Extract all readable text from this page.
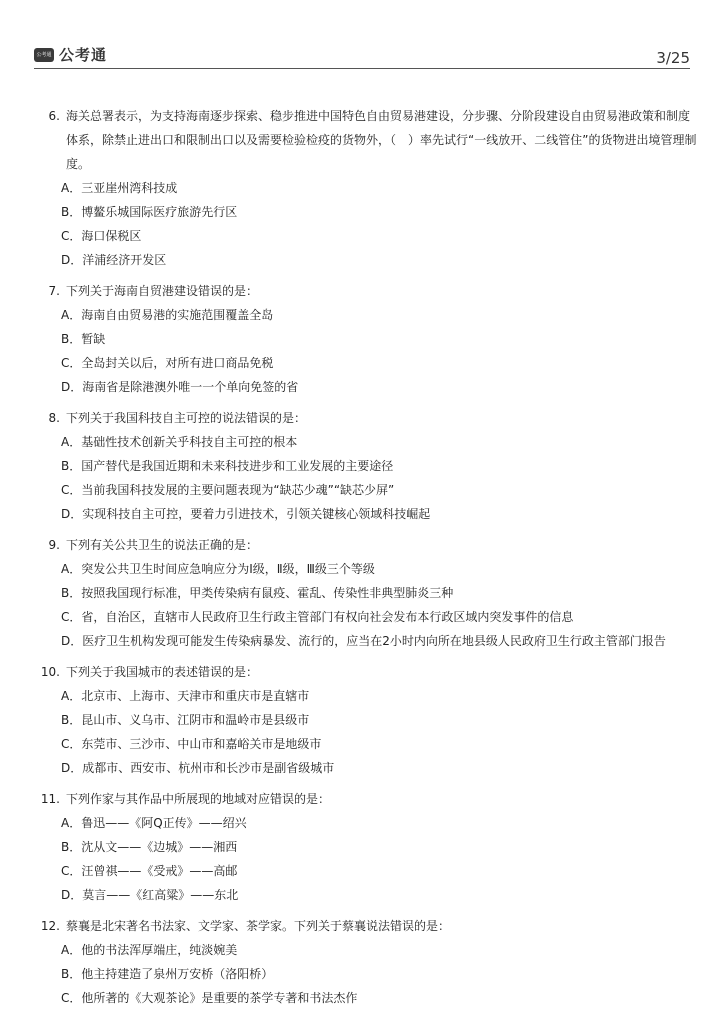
公考通 公考通	3/25
6. 海关总署表示，为支持海南逐步探索、稳步推进中国特色自由贸易港建设，分步骤、分阶段建设自由贸易港政策和制度体系，除禁止进出口和限制出口以及需要检验检疫的货物外，（　）率先试行“一线放开、二线管住”的货物进出境管理制度。
A．三亚崖州湾科技成
B．博鳌乐城国际医疗旅游先行区
C．海口保税区
D．洋浦经济开发区
7. 下列关于海南自贸港建设错误的是：
A．海南自由贸易港的实施范围覆盖全岛
B．暂缺
C．全岛封关以后，对所有进口商品免税
D．海南省是除港澳外唯一一个单向免签的省
8. 下列关于我国科技自主可控的说法错误的是：
A．基础性技术创新关乎科技自主可控的根本
B．国产替代是我国近期和未来科技进步和工业发展的主要途径
C．当前我国科技发展的主要问题表现为“缺芯少魂”“缺芯少屏”
D．实现科技自主可控，要着力引进技术，引领关键核心领域科技崛起
9. 下列有关公共卫生的说法正确的是：
A．突发公共卫生时间应急响应分为Ⅰ级，Ⅱ级，Ⅲ级三个等级
B．按照我国现行标准，甲类传染病有鼠疫、霍乱、传染性非典型肺炎三种
C．省，自治区，直辖市人民政府卫生行政主管部门有权向社会发布本行政区域内突发事件的信息
D．医疗卫生机构发现可能发生传染病暴发、流行的，应当在2小时内向所在地县级人民政府卫生行政主管部门报告
10. 下列关于我国城市的表述错误的是：
A．北京市、上海市、天津市和重庆市是直辖市
B．昆山市、义乌市、江阴市和温岭市是县级市
C．东莞市、三沙市、中山市和嘉峪关市是地级市
D．成都市、西安市、杭州市和长沙市是副省级城市
11. 下列作家与其作品中所展现的地域对应错误的是：
A．鲁迅——《阿Q正传》——绍兴
B．沈从文——《边城》——湘西
C．汪曾祺——《受戒》——高邮
D．莫言——《红高粱》——东北
12. 蔡襄是北宋著名书法家、文学家、茶学家。下列关于蔡襄说法错误的是：
A．他的书法浑厚端庄，纯淡婉美
B．他主持建造了泉州万安桥（洛阳桥）
C．他所著的《大观茶论》是重要的茶学专著和书法杰作
